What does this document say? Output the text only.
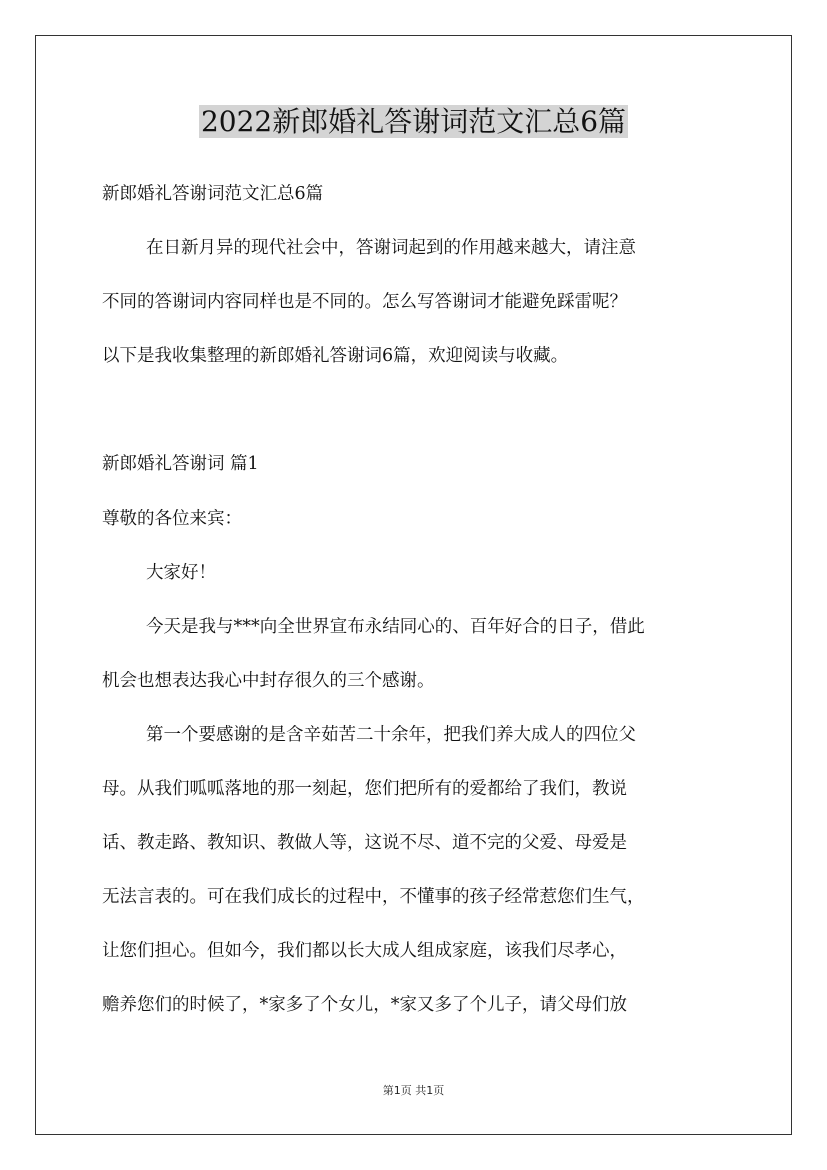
2022新郎婚礼答谢词范文汇总6篇
新郎婚礼答谢词范文汇总6篇
在日新月异的现代社会中，答谢词起到的作用越来越大，请注意
不同的答谢词内容同样也是不同的。怎么写答谢词才能避免踩雷呢？
以下是我收集整理的新郎婚礼答谢词6篇，欢迎阅读与收藏。
新郎婚礼答谢词 篇1
尊敬的各位来宾：
大家好！
今天是我与***向全世界宣布永结同心的、百年好合的日子，借此
机会也想表达我心中封存很久的三个感谢。
第一个要感谢的是含辛茹苦二十余年，把我们养大成人的四位父
母。从我们呱呱落地的那一刻起，您们把所有的爱都给了我们，教说
话、教走路、教知识、教做人等，这说不尽、道不完的父爱、母爱是
无法言表的。可在我们成长的过程中，不懂事的孩子经常惹您们生气，
让您们担心。但如今，我们都以长大成人组成家庭，该我们尽孝心，
赡养您们的时候了，*家多了个女儿，*家又多了个儿子，请父母们放
第1页 共1页
